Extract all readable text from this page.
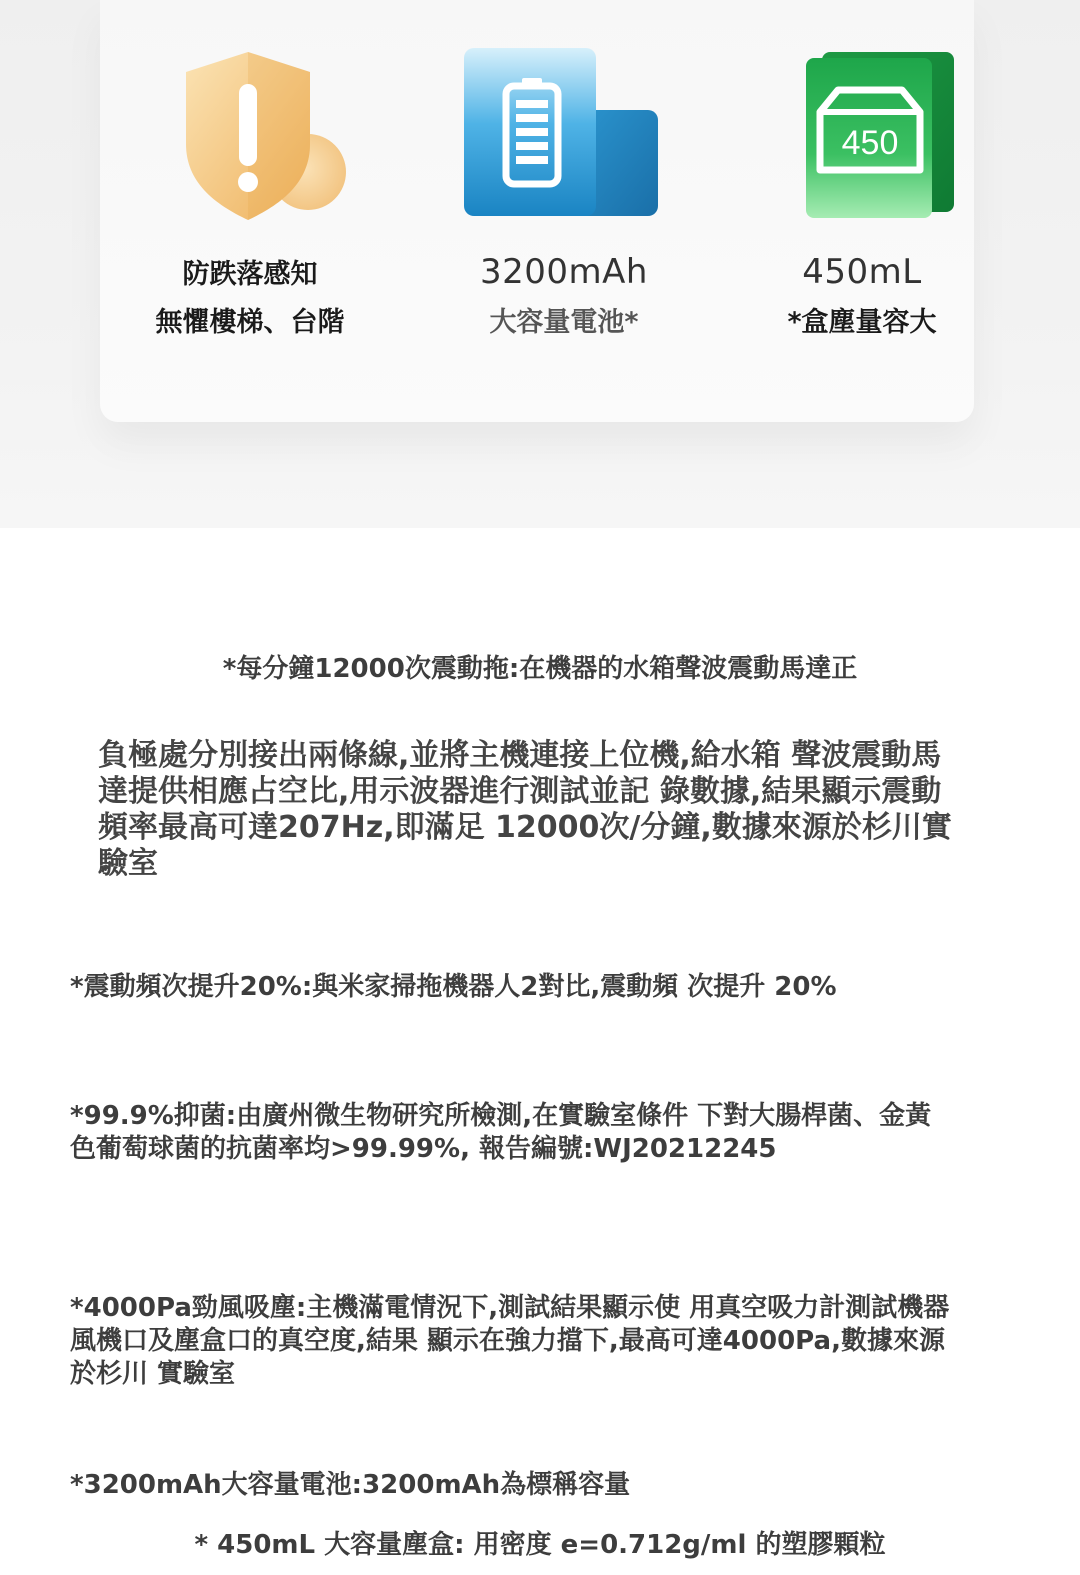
防跌落感知
無懼樓梯、台階
3200mAh
大容量電池*
450
450mL
*盒塵量容大
*每分鐘12000次震動拖:在機器的水箱聲波震動馬達正
負極處分別接出兩條線,並將主機連接上位機,給水箱 聲波震動馬達提供相應占空比,用示波器進行測試並記 錄數據,結果顯示震動頻率最高可達207Hz,即滿足 12000次/分鐘,數據來源於杉川實驗室
*震動頻次提升20%:與米家掃拖機器人2對比,震動頻 次提升 20%
*99.9%抑菌:由廣州微生物研究所檢測,在實驗室條件 下對大腸桿菌、金黃色葡萄球菌的抗菌率均>99.99%, 報告編號:WJ20212245
*4000Pa勁風吸塵:主機滿電情況下,測試結果顯示使 用真空吸力計測試機器風機口及塵盒口的真空度,結果 顯示在強力擋下,最高可達4000Pa,數據來源於杉川 實驗室
*3200mAh大容量電池:3200mAh為標稱容量
* 450mL 大容量塵盒: 用密度 e=0.712g/ml 的塑膠顆粒
